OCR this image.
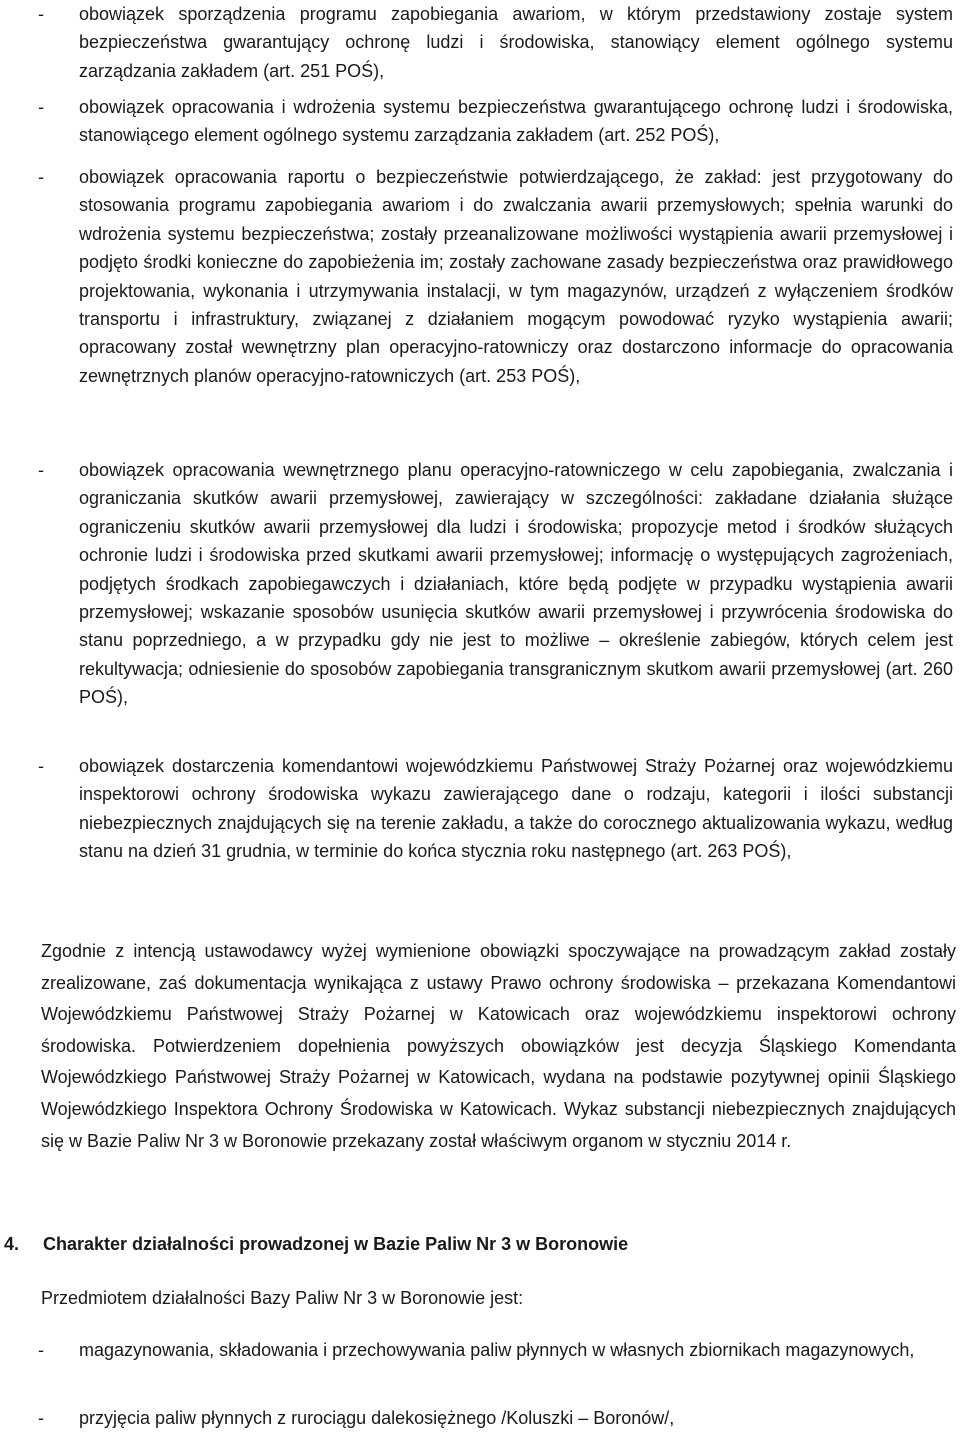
-	obowiązek sporządzenia programu zapobiegania awariom, w którym przedstawiony zostaje system bezpieczeństwa gwarantujący ochronę ludzi i środowiska, stanowiący element ogólnego systemu zarządzania zakładem (art. 251 POŚ),

-	obowiązek opracowania i wdrożenia systemu bezpieczeństwa gwarantującego ochronę ludzi i środowiska, stanowiącego element ogólnego systemu zarządzania zakładem (art. 252 POŚ),

-	obowiązek opracowania raportu o bezpieczeństwie potwierdzającego, że zakład: jest przygotowany do stosowania programu zapobiegania awariom i do zwalczania awarii przemysłowych; spełnia warunki do wdrożenia systemu bezpieczeństwa; zostały przeanalizowane możliwości wystąpienia awarii przemysłowej i podjęto środki konieczne do zapobieżenia im; zostały zachowane zasady bezpieczeństwa oraz prawidłowego projektowania, wykonania i utrzymywania instalacji, w tym magazynów, urządzeń z wyłączeniem środków transportu i infrastruktury, związanej z działaniem mogącym powodować ryzyko wystąpienia awarii; opracowany został wewnętrzny plan operacyjno-ratowniczy oraz dostarczono informacje do opracowania zewnętrznych planów operacyjno-ratowniczych (art. 253 POŚ),

-	obowiązek opracowania wewnętrznego planu operacyjno-ratowniczego w celu zapobiegania, zwalczania i ograniczania skutków awarii przemysłowej, zawierający w szczególności: zakładane działania służące ograniczeniu skutków awarii przemysłowej dla ludzi i środowiska; propozycje metod i środków służących ochronie ludzi i środowiska przed skutkami awarii przemysłowej; informację o występujących zagrożeniach, podjętych środkach zapobiegawczych i działaniach, które będą podjęte w przypadku wystąpienia awarii przemysłowej; wskazanie sposobów usunięcia skutków awarii przemysłowej i przywrócenia środowiska do stanu poprzedniego, a w przypadku gdy nie jest to możliwe – określenie zabiegów, których celem jest rekultywacja; odniesienie do sposobów zapobiegania transgranicznym skutkom awarii przemysłowej (art. 260 POŚ),

-	obowiązek dostarczenia komendantowi wojewódzkiemu Państwowej Straży Pożarnej oraz wojewódzkiemu inspektorowi ochrony środowiska wykazu zawierającego dane o rodzaju, kategorii i ilości substancji niebezpiecznych znajdujących się na terenie zakładu, a także do corocznego aktualizowania wykazu, według stanu na dzień 31 grudnia, w terminie do końca stycznia roku następnego (art. 263 POŚ),

Zgodnie z intencją ustawodawcy wyżej wymienione obowiązki spoczywające na prowadzącym zakład zostały zrealizowane, zaś dokumentacja wynikająca z ustawy Prawo ochrony środowiska – przekazana Komendantowi Wojewódzkiemu Państwowej Straży Pożarnej w Katowicach oraz wojewódzkiemu inspektorowi ochrony środowiska. Potwierdzeniem dopełnienia powyższych obowiązków jest decyzja Śląskiego Komendanta Wojewódzkiego Państwowej Straży Pożarnej w Katowicach, wydana na podstawie pozytywnej opinii Śląskiego Wojewódzkiego Inspektora Ochrony Środowiska w Katowicach. Wykaz substancji niebezpiecznych znajdujących się w Bazie Paliw Nr 3 w Boronowie przekazany został właściwym organom w styczniu 2014 r.

4. Charakter działalności prowadzonej w Bazie Paliw Nr 3 w Boronowie

Przedmiotem działalności Bazy Paliw Nr 3 w Boronowie jest:

-	magazynowania, składowania i przechowywania paliw płynnych w własnych zbiornikach magazynowych,

-	przyjęcia paliw płynnych z rurociągu dalekosiężnego /Koluszki – Boronów/,
